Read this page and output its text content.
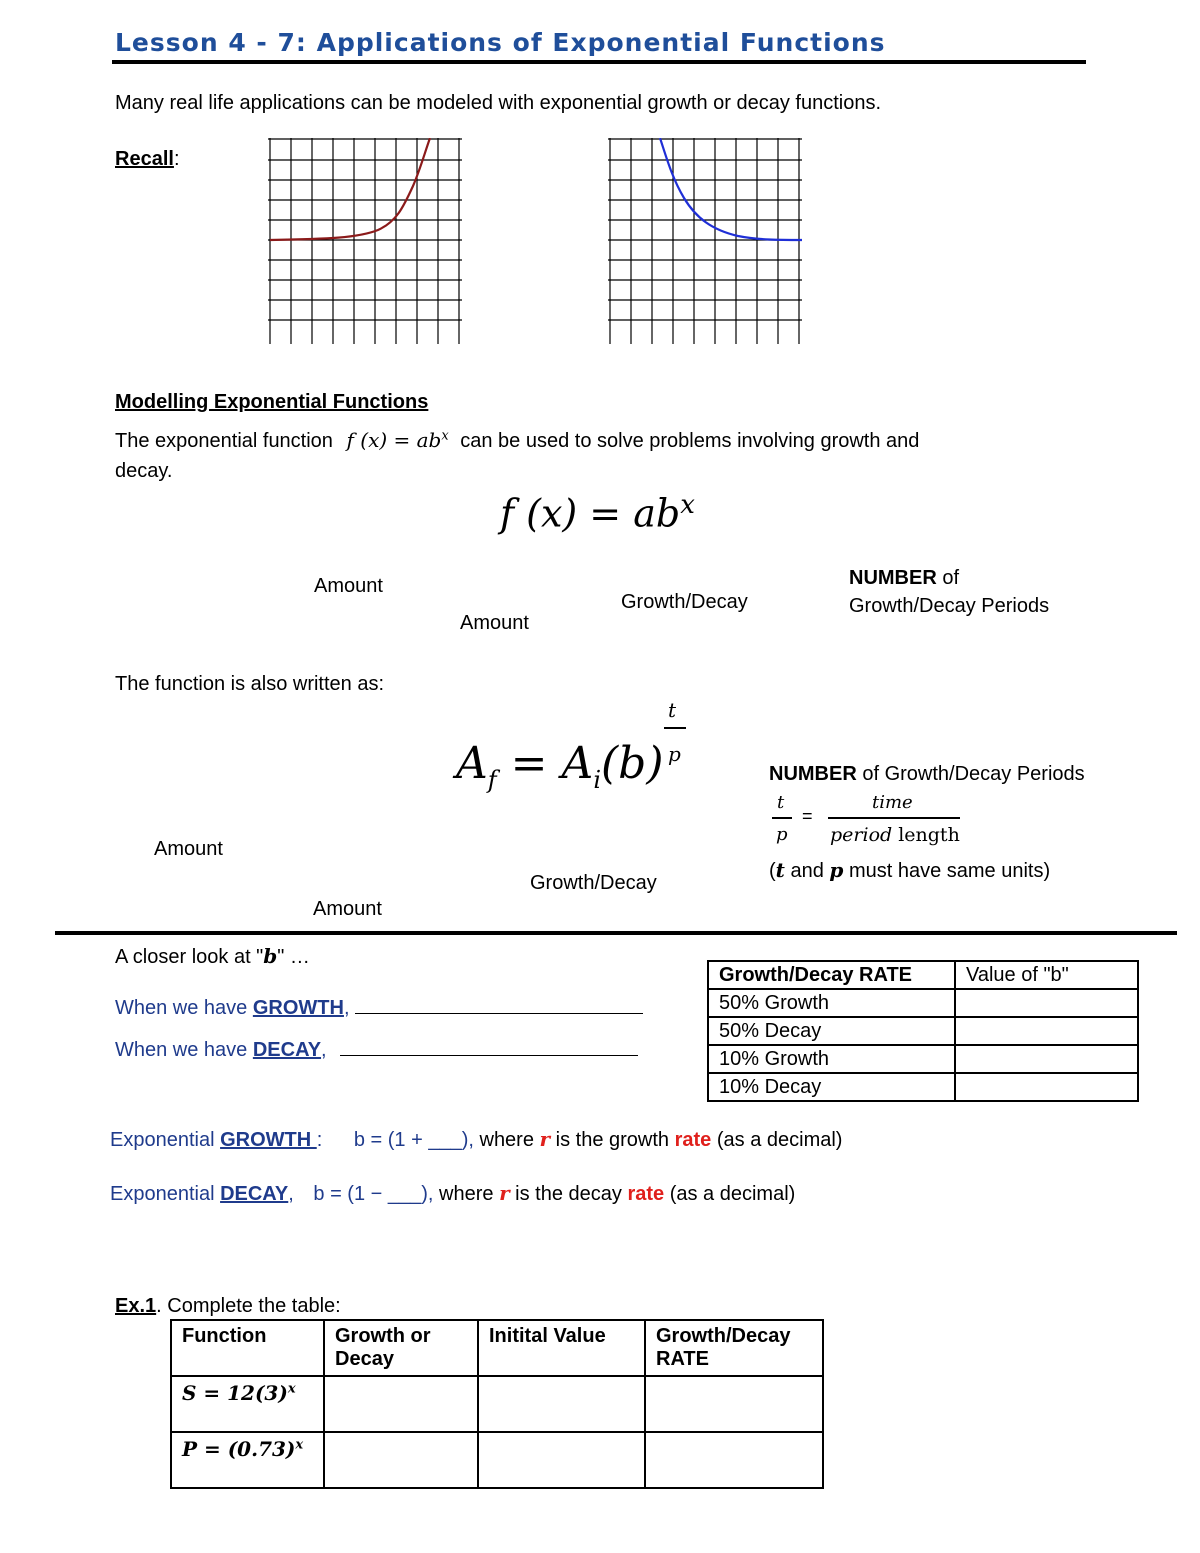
Lesson 4 - 7: Applications of Exponential Functions
Many real life applications can be modeled with exponential growth or decay functions.
Recall:
Modelling Exponential Functions
The exponential function f $(x) = ab^x$ can be used to solve problems involving growth and
decay.
f $(x) = ab^x$
Amount
Amount
Growth/Decay
NUMBER of
Growth/Decay Periods
The function is also written as:
t
p
$A_f = A_i(b)$	NUMBER of Growth/Decay Periods
t
p
=
time
period length
(t and p must have same units)
Amount
Growth/Decay
Amount
A closer look at "b" …
When we have GROWTH,
When we have DECAY,
Growth/Decay RATE	Value of "b"
50% Growth	
50% Decay	
10% Growth	
10% Decay	
Exponential GROWTH : b = (1 + ___), where r is the growth rate (as a decimal)
Exponential DECAY, b = (1 − ___), where r is the decay rate (as a decimal)
Ex.1. Complete the table:
Function	Growth or Decay	Initital Value	Growth/Decay RATE
$S = 12(3)^x$			
$P = (0.73)^x$			
